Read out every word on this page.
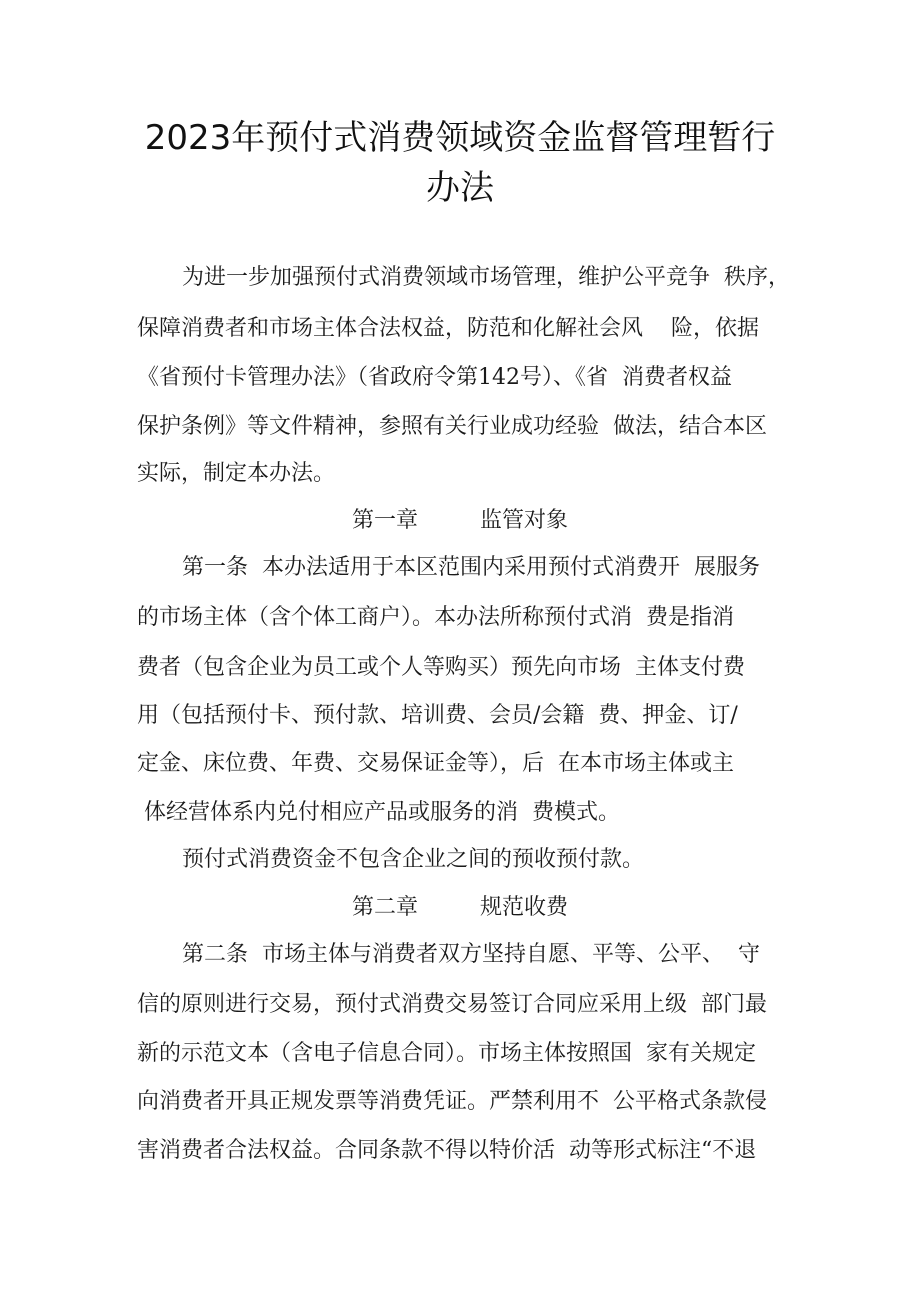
2023年预付式消费领域资金监督管理暂行
办法
为进一步加强预付式消费领域市场管理，维护公平竞争  秩序，
保障消费者和市场主体合法权益，防范和化解社会风    险，依据
《省预付卡管理办法》（省政府令第142号）、《省  消费者权益
保护条例》等文件精神，参照有关行业成功经验  做法，结合本区
实际，制定本办法。
第一章	监管对象
第一条  本办法适用于本区范围内采用预付式消费开  展服务
的市场主体（含个体工商户）。本办法所称预付式消  费是指消
费者（包含企业为员工或个人等购买）预先向市场  主体支付费
用（包括预付卡、预付款、培训费、会员/会籍  费、押金、订/
定金、床位费、年费、交易保证金等），后  在本市场主体或主
体经营体系内兑付相应产品或服务的消  费模式。
预付式消费资金不包含企业之间的预收预付款。
第二章	规范收费
第二条  市场主体与消费者双方坚持自愿、平等、公平、  守
信的原则进行交易，预付式消费交易签订合同应采用上级  部门最
新的示范文本（含电子信息合同）。市场主体按照国  家有关规定
向消费者开具正规发票等消费凭证。严禁利用不  公平格式条款侵
害消费者合法权益。合同条款不得以特价活  动等形式标注“不退
